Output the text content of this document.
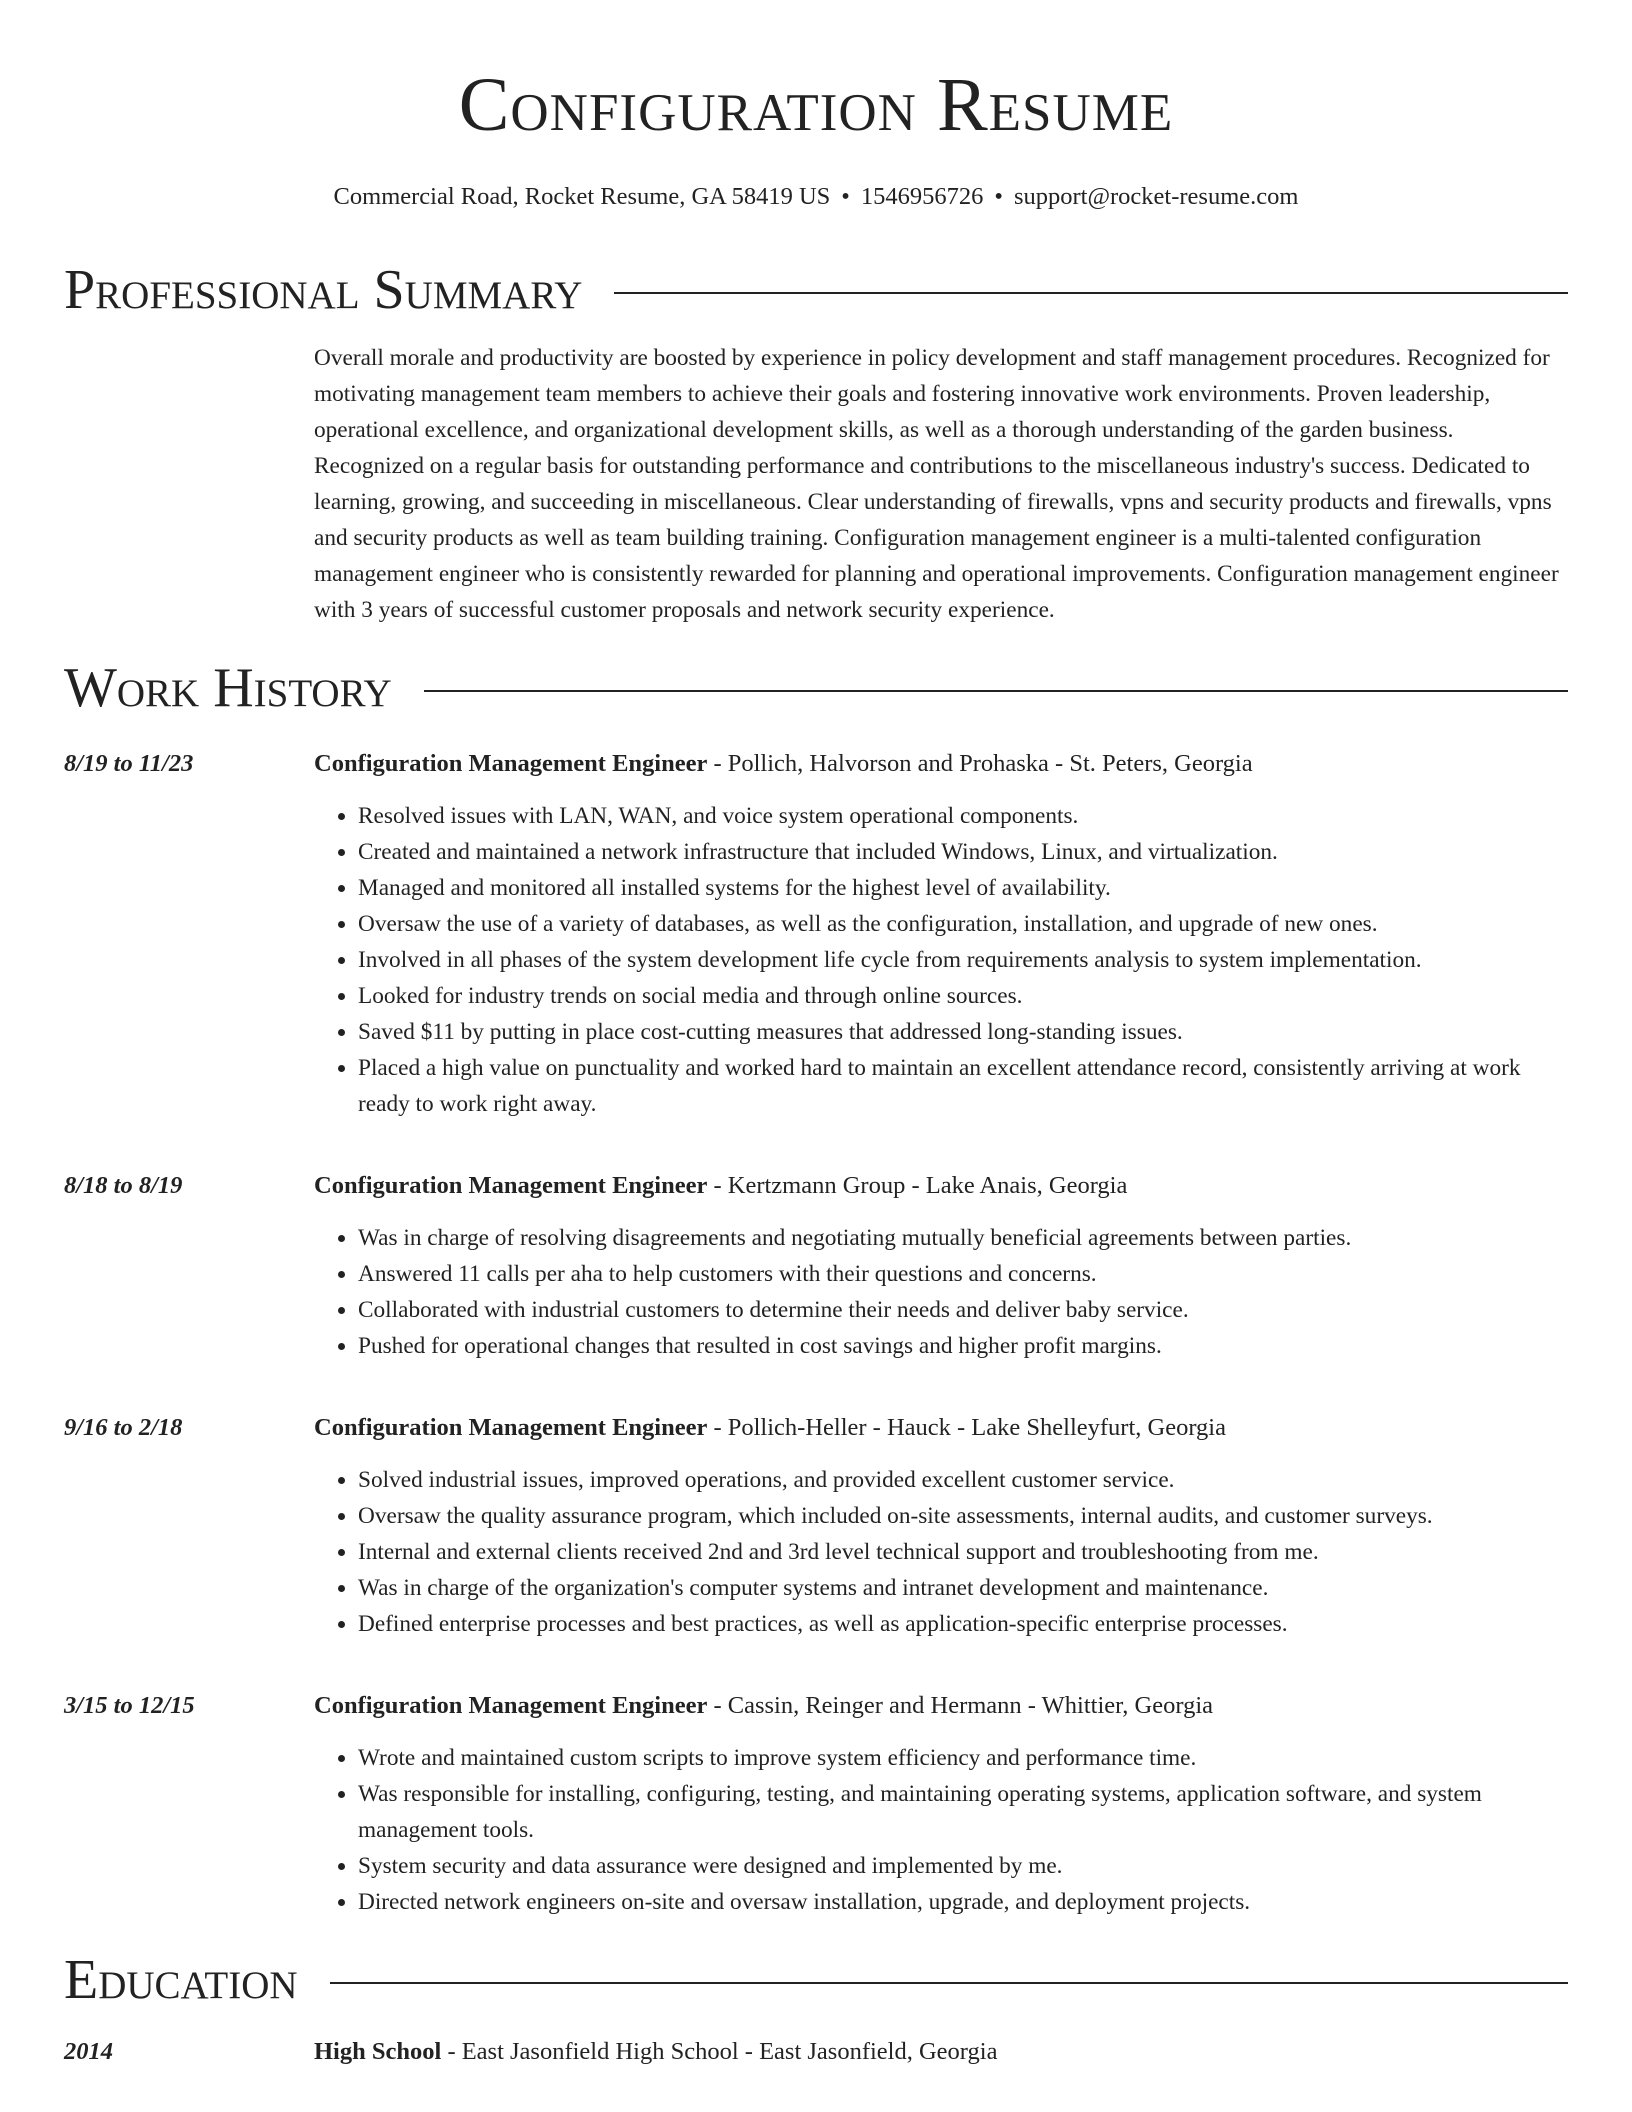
Configuration Resume
Commercial Road, Rocket Resume, GA 58419 US • 1546956726 • support@rocket-resume.com
Professional Summary
Overall morale and productivity are boosted by experience in policy development and staff management procedures. Recognized for motivating management team members to achieve their goals and fostering innovative work environments. Proven leadership, operational excellence, and organizational development skills, as well as a thorough understanding of the garden business. Recognized on a regular basis for outstanding performance and contributions to the miscellaneous industry's success. Dedicated to learning, growing, and succeeding in miscellaneous. Clear understanding of firewalls, vpns and security products and firewalls, vpns and security products as well as team building training. Configuration management engineer is a multi-talented configuration management engineer who is consistently rewarded for planning and operational improvements. Configuration management engineer with 3 years of successful customer proposals and network security experience.
Work History
8/19 to 11/23	Configuration Management Engineer - Pollich, Halvorson and Prohaska - St. Peters, Georgia
• Resolved issues with LAN, WAN, and voice system operational components.
• Created and maintained a network infrastructure that included Windows, Linux, and virtualization.
• Managed and monitored all installed systems for the highest level of availability.
• Oversaw the use of a variety of databases, as well as the configuration, installation, and upgrade of new ones.
• Involved in all phases of the system development life cycle from requirements analysis to system implementation.
• Looked for industry trends on social media and through online sources.
• Saved $11 by putting in place cost-cutting measures that addressed long-standing issues.
• Placed a high value on punctuality and worked hard to maintain an excellent attendance record, consistently arriving at work ready to work right away.
8/18 to 8/19	Configuration Management Engineer - Kertzmann Group - Lake Anais, Georgia
• Was in charge of resolving disagreements and negotiating mutually beneficial agreements between parties.
• Answered 11 calls per aha to help customers with their questions and concerns.
• Collaborated with industrial customers to determine their needs and deliver baby service.
• Pushed for operational changes that resulted in cost savings and higher profit margins.
9/16 to 2/18	Configuration Management Engineer - Pollich-Heller - Hauck - Lake Shelleyfurt, Georgia
• Solved industrial issues, improved operations, and provided excellent customer service.
• Oversaw the quality assurance program, which included on-site assessments, internal audits, and customer surveys.
• Internal and external clients received 2nd and 3rd level technical support and troubleshooting from me.
• Was in charge of the organization's computer systems and intranet development and maintenance.
• Defined enterprise processes and best practices, as well as application-specific enterprise processes.
3/15 to 12/15	Configuration Management Engineer - Cassin, Reinger and Hermann - Whittier, Georgia
• Wrote and maintained custom scripts to improve system efficiency and performance time.
• Was responsible for installing, configuring, testing, and maintaining operating systems, application software, and system management tools.
• System security and data assurance were designed and implemented by me.
• Directed network engineers on-site and oversaw installation, upgrade, and deployment projects.
Education
2014	High School - East Jasonfield High School - East Jasonfield, Georgia
